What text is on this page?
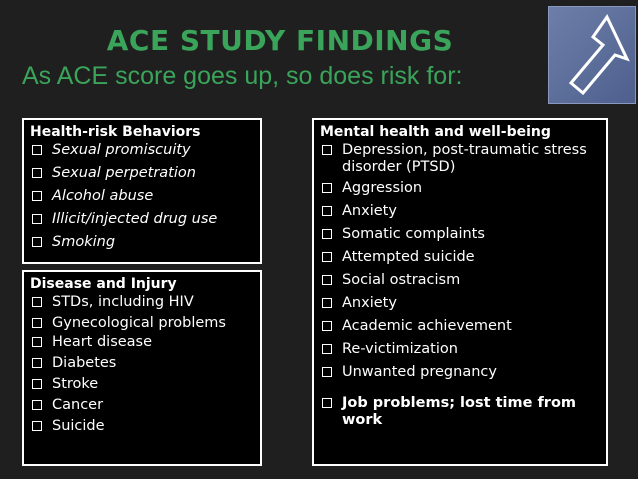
ACE STUDY FINDINGS
As ACE score goes up, so does risk for:
Health-risk Behaviors
Sexual promiscuity
Sexual perpetration
Alcohol abuse
Illicit/injected drug use
Smoking
Disease and Injury
STDs, including HIV
Gynecological problems
Heart disease
Diabetes
Stroke
Cancer
Suicide
Mental health and well-being
Depression, post-traumatic stress disorder (PTSD)
Aggression
Anxiety
Somatic complaints
Attempted suicide
Social ostracism
Anxiety
Academic achievement
Re-victimization
Unwanted pregnancy
Job problems; lost time from work
